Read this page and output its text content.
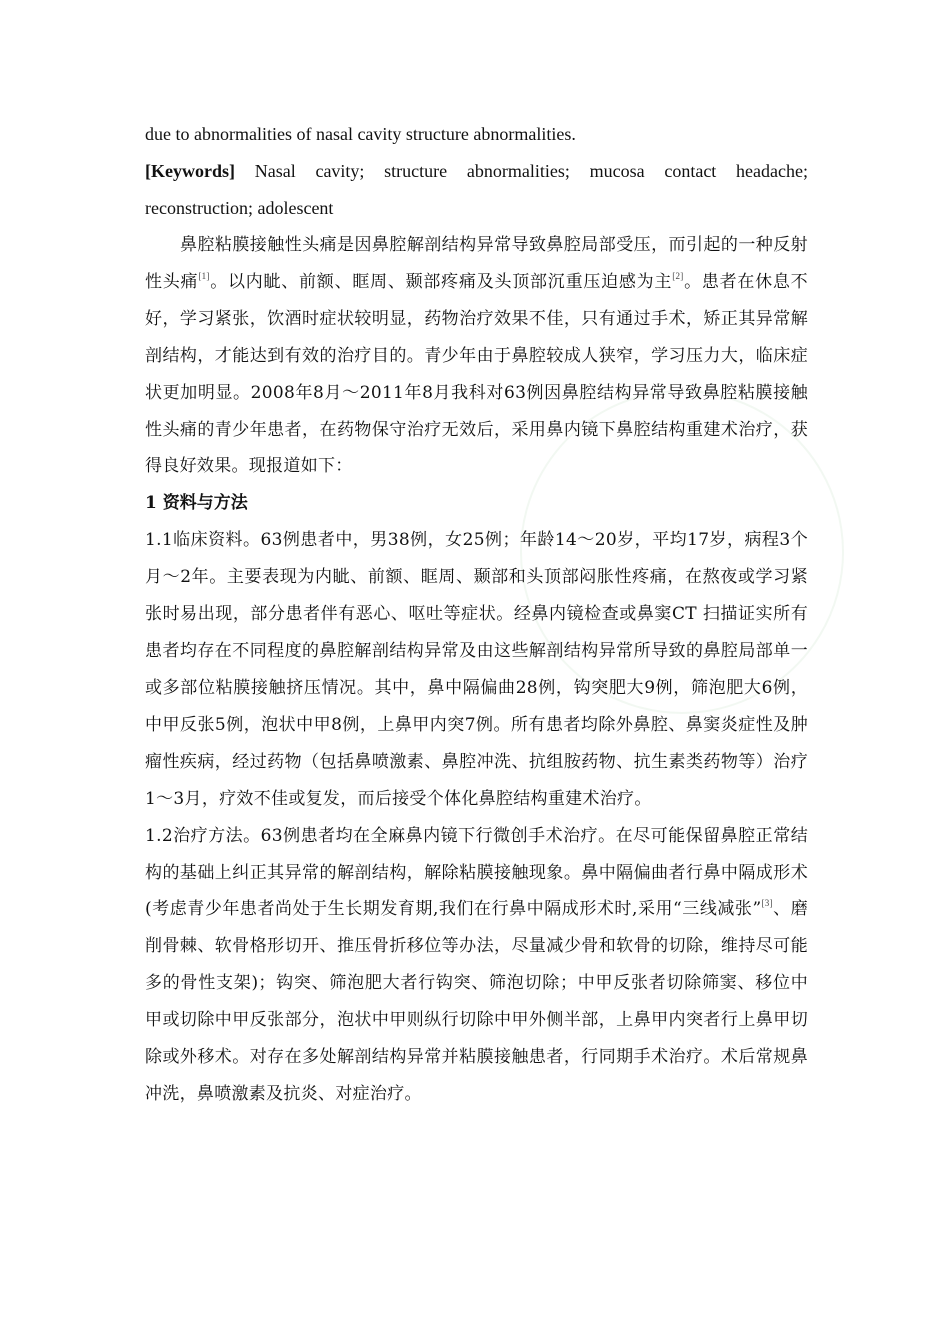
due to abnormalities of nasal cavity structure abnormalities.

[Keywords] Nasal cavity; structure abnormalities; mucosa contact headache; reconstruction; adolescent

鼻腔粘膜接触性头痛是因鼻腔解剖结构异常导致鼻腔局部受压，而引起的一种反射性头痛[1]。以内眦、前额、眶周、颞部疼痛及头顶部沉重压迫感为主[2]。患者在休息不好，学习紧张，饮酒时症状较明显，药物治疗效果不佳，只有通过手术，矫正其异常解剖结构，才能达到有效的治疗目的。青少年由于鼻腔较成人狭窄，学习压力大，临床症状更加明显。2008年8月～2011年8月我科对63例因鼻腔结构异常导致鼻腔粘膜接触性头痛的青少年患者，在药物保守治疗无效后，采用鼻内镜下鼻腔结构重建术治疗，获得良好效果。现报道如下：

1 资料与方法

1.1临床资料。63例患者中，男38例，女25例；年龄14～20岁，平均17岁，病程3个月～2年。主要表现为内眦、前额、眶周、颞部和头顶部闷胀性疼痛，在熬夜或学习紧张时易出现，部分患者伴有恶心、呕吐等症状。经鼻内镜检查或鼻窦CT 扫描证实所有患者均存在不同程度的鼻腔解剖结构异常及由这些解剖结构异常所导致的鼻腔局部单一或多部位粘膜接触挤压情况。其中，鼻中隔偏曲28例，钩突肥大9例，筛泡肥大6例，中甲反张5例，泡状中甲8例，上鼻甲内突7例。所有患者均除外鼻腔、鼻窦炎症性及肿瘤性疾病，经过药物（包括鼻喷激素、鼻腔冲洗、抗组胺药物、抗生素类药物等）治疗1～3月，疗效不佳或复发，而后接受个体化鼻腔结构重建术治疗。

1.2治疗方法。63例患者均在全麻鼻内镜下行微创手术治疗。在尽可能保留鼻腔正常结构的基础上纠正其异常的解剖结构，解除粘膜接触现象。鼻中隔偏曲者行鼻中隔成形术(考虑青少年患者尚处于生长期发育期,我们在行鼻中隔成形术时,采用“三线减张”[3]、磨削骨棘、软骨格形切开、推压骨折移位等办法，尽量减少骨和软骨的切除，维持尽可能多的骨性支架)；钩突、筛泡肥大者行钩突、筛泡切除；中甲反张者切除筛窦、移位中甲或切除中甲反张部分，泡状中甲则纵行切除中甲外侧半部，上鼻甲内突者行上鼻甲切除或外移术。对存在多处解剖结构异常并粘膜接触患者，行同期手术治疗。术后常规鼻冲洗，鼻喷激素及抗炎、对症治疗。
